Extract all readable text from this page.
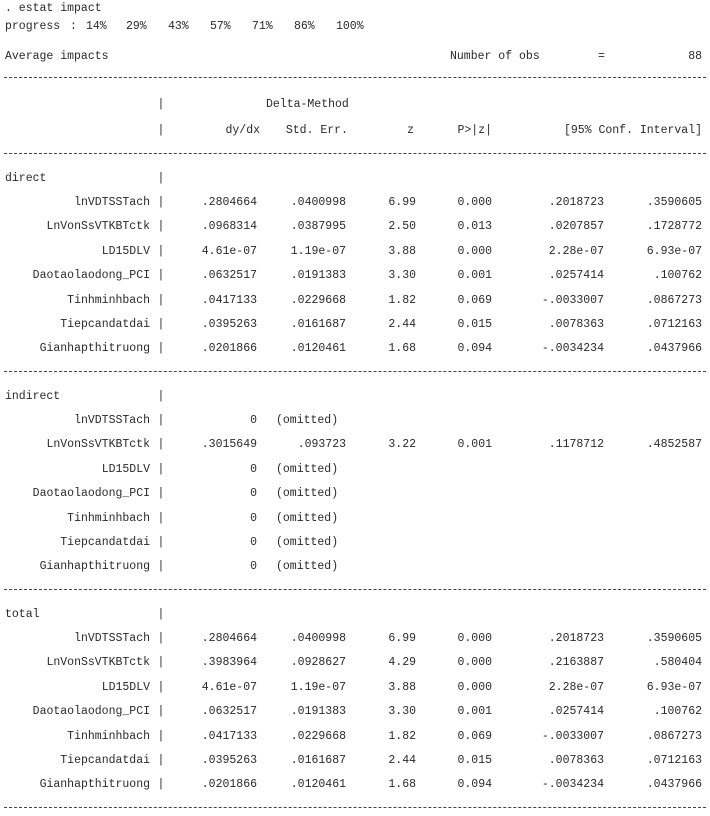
. estat impact
progress : 14% 29% 43% 57% 71% 86% 100%
Average impacts	Number of obs	=	88
|	Delta-Method
|	dy/dx	Std. Err.	z	P>|z|	[95% Conf. Interval]
direct	|
lnVDTSSTach |	.2804664	.0400998	6.99	0.000	.2018723	.3590605
LnVonSsVTKBTctk |	.0968314	.0387995	2.50	0.013	.0207857	.1728772
LD15DLV |	4.61e-07	1.19e-07	3.88	0.000	2.28e-07	6.93e-07
Daotaolaodong_PCI |	.0632517	.0191383	3.30	0.001	.0257414	.100762
Tinhminhbach |	.0417133	.0229668	1.82	0.069	-.0033007	.0867273
Tiepcandatdai |	.0395263	.0161687	2.44	0.015	.0078363	.0712163
Gianhapthitruong |	.0201866	.0120461	1.68	0.094	-.0034234	.0437966
indirect	|
lnVDTSSTach |	0 (omitted)
LnVonSsVTKBTctk |	.3015649	.093723	3.22	0.001	.1178712	.4852587
LD15DLV |	0 (omitted)
Daotaolaodong_PCI |	0 (omitted)
Tinhminhbach |	0 (omitted)
Tiepcandatdai |	0 (omitted)
Gianhapthitruong |	0 (omitted)
total	|
lnVDTSSTach |	.2804664	.0400998	6.99	0.000	.2018723	.3590605
LnVonSsVTKBTctk |	.3983964	.0928627	4.29	0.000	.2163887	.580404
LD15DLV |	4.61e-07	1.19e-07	3.88	0.000	2.28e-07	6.93e-07
Daotaolaodong_PCI |	.0632517	.0191383	3.30	0.001	.0257414	.100762
Tinhminhbach |	.0417133	.0229668	1.82	0.069	-.0033007	.0867273
Tiepcandatdai |	.0395263	.0161687	2.44	0.015	.0078363	.0712163
Gianhapthitruong |	.0201866	.0120461	1.68	0.094	-.0034234	.0437966
